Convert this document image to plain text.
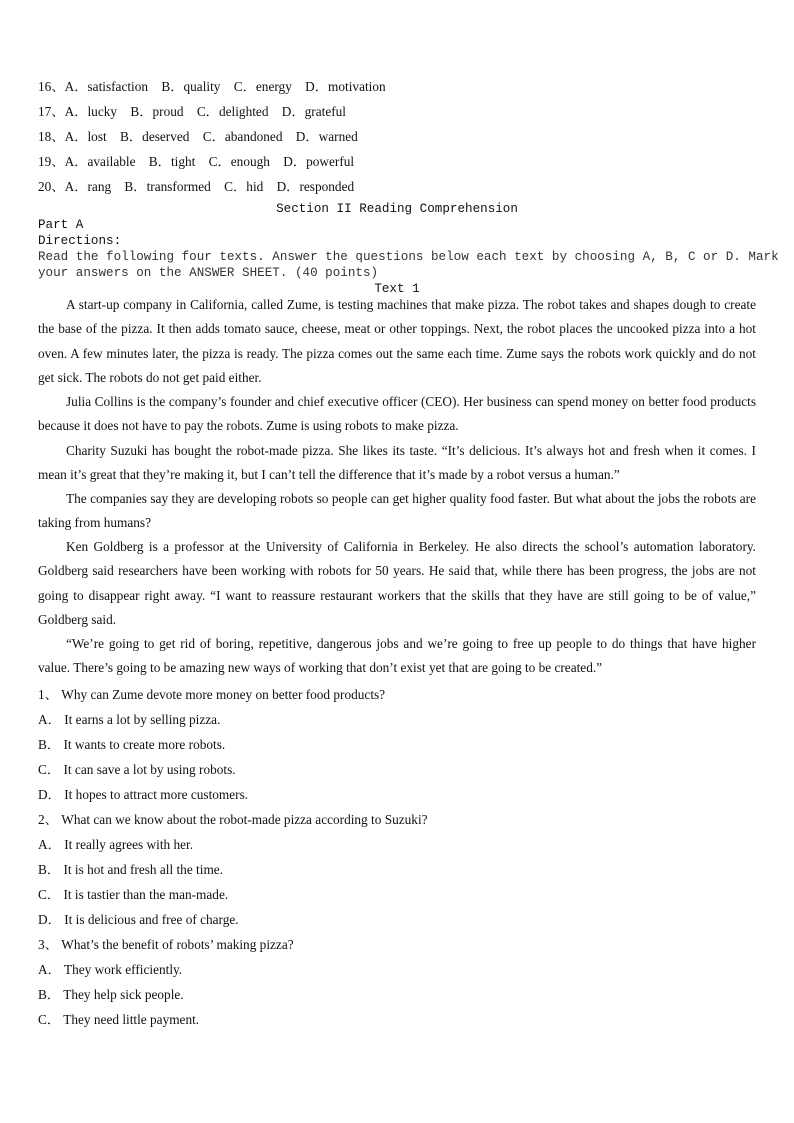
16、A．satisfaction　B．quality　C．energy　D．motivation
17、A．lucky　B．proud　C．delighted　D．grateful
18、A．lost　B．deserved　C．abandoned　D．warned
19、A．available　B．tight　C．enough　D．powerful
20、A．rang　B．transformed　C．hid　D．responded
Section II Reading Comprehension
Part A
Directions:
Read the following four texts. Answer the questions below each text by choosing A, B, C or D. Mark
your answers on the ANSWER SHEET. (40 points)
Text 1
A start-up company in California, called Zume, is testing machines that make pizza. The robot takes and shapes dough to create the base of the pizza. It then adds tomato sauce, cheese, meat or other toppings. Next, the robot places the uncooked pizza into a hot oven. A few minutes later, the pizza is ready. The pizza comes out the same each time. Zume says the robots work quickly and do not get sick. The robots do not get paid either.
Julia Collins is the company’s founder and chief executive officer (CEO). Her business can spend money on better food products because it does not have to pay the robots. Zume is using robots to make pizza.
Charity Suzuki has bought the robot-made pizza. She likes its taste. “It’s delicious. It’s always hot and fresh when it comes. I mean it’s great that they’re making it, but I can’t tell the difference that it’s made by a robot versus a human.”
The companies say they are developing robots so people can get higher quality food faster. But what about the jobs the robots are taking from humans?
Ken Goldberg is a professor at the University of California in Berkeley. He also directs the school’s automation laboratory. Goldberg said researchers have been working with robots for 50 years. He said that, while there has been progress, the jobs are not going to disappear right away. “I want to reassure restaurant workers that the skills that they have are still going to be of value,” Goldberg said.
“We’re going to get rid of boring, repetitive, dangerous jobs and we’re going to free up people to do things that have higher value. There’s going to be amazing new ways of working that don’t exist yet that are going to be created.”
1、 Why can Zume devote more money on better food products?
A． It earns a lot by selling pizza.
B． It wants to create more robots.
C． It can save a lot by using robots.
D． It hopes to attract more customers.
2、 What can we know about the robot-made pizza according to Suzuki?
A． It really agrees with her.
B． It is hot and fresh all the time.
C． It is tastier than the man-made.
D． It is delicious and free of charge.
3、 What’s the benefit of robots’ making pizza?
A． They work efficiently.
B． They help sick people.
C． They need little payment.
